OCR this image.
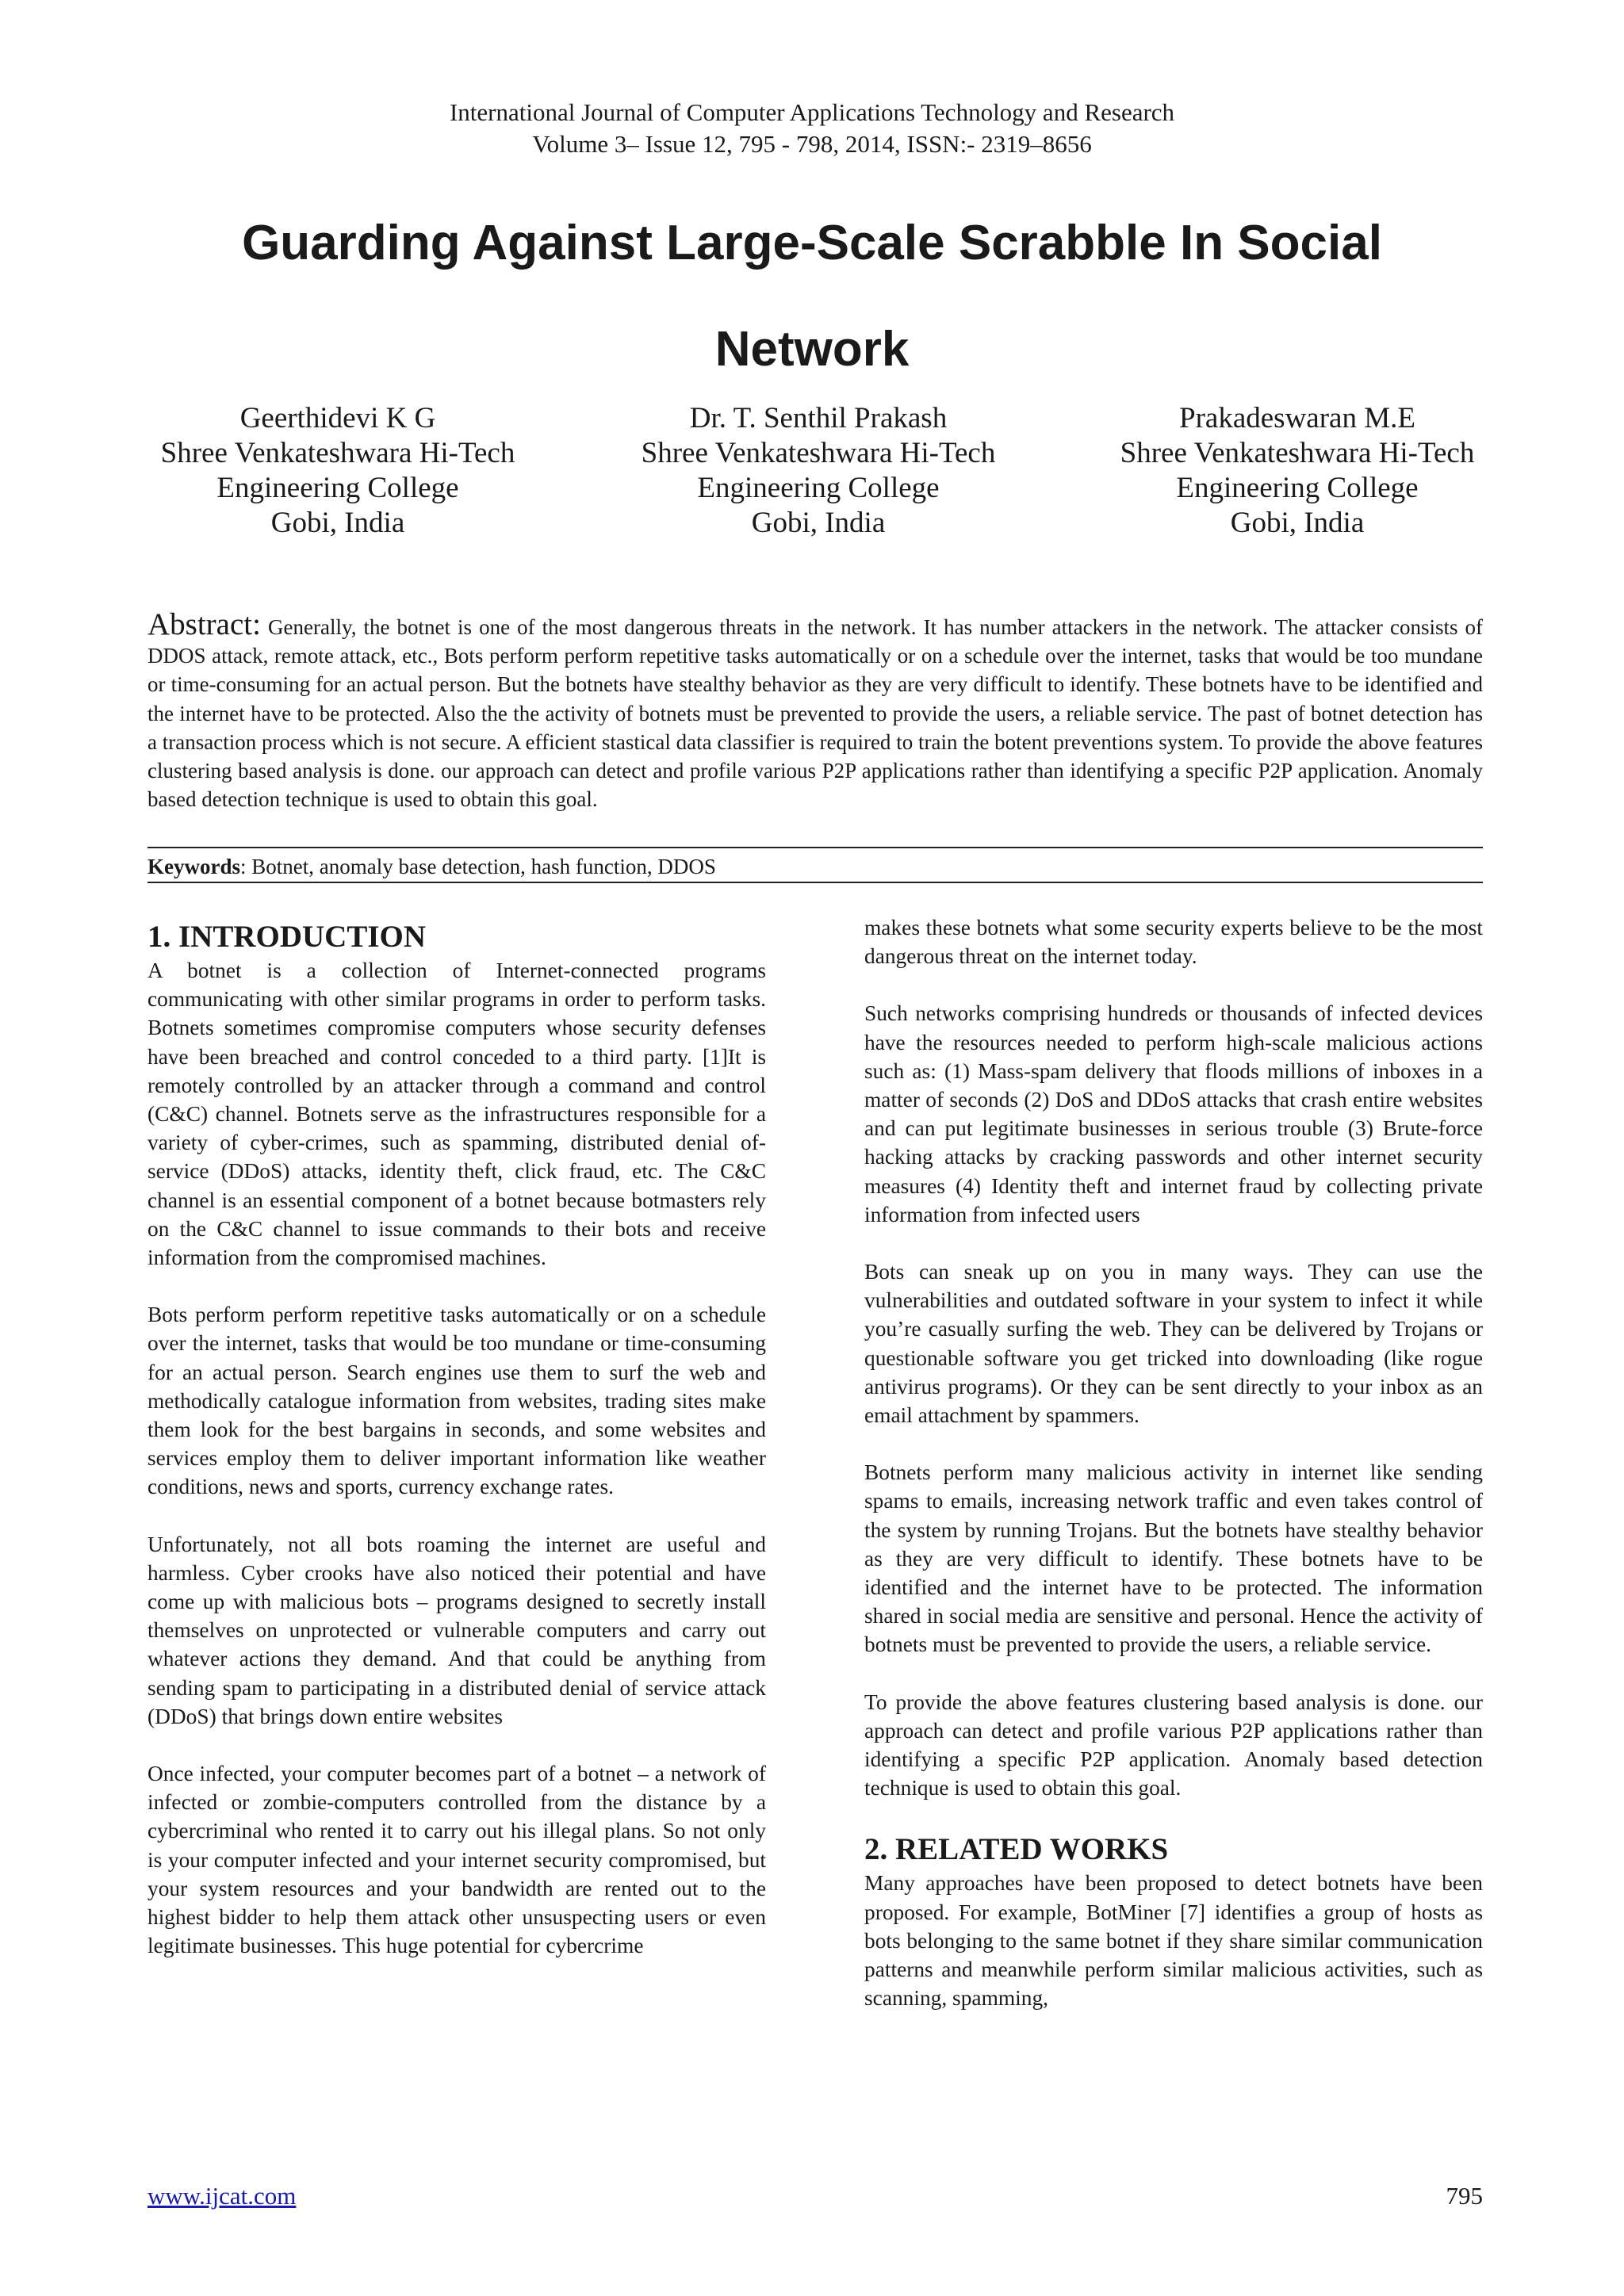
International Journal of Computer Applications Technology and Research
Volume 3– Issue 12, 795 - 798, 2014, ISSN:- 2319–8656
Guarding Against Large-Scale Scrabble In Social
Network
Geerthidevi K G
Shree Venkateshwara Hi-Tech
Engineering College
Gobi, India
Dr. T. Senthil Prakash
Shree Venkateshwara Hi-Tech
Engineering College
Gobi, India
Prakadeswaran M.E
Shree Venkateshwara Hi-Tech
Engineering College
Gobi, India
Abstract: Generally, the botnet is one of the most dangerous threats in the network. It has number attackers in the network. The attacker consists of DDOS attack, remote attack, etc., Bots perform perform repetitive tasks automatically or on a schedule over the internet, tasks that would be too mundane or time-consuming for an actual person. But the botnets have stealthy behavior as they are very difficult to identify. These botnets have to be identified and the internet have to be protected. Also the the activity of botnets must be prevented to provide the users, a reliable service. The past of botnet detection has a transaction process which is not secure. A efficient stastical data classifier is required to train the botent preventions system. To provide the above features clustering based analysis is done. our approach can detect and profile various P2P applications rather than identifying a specific P2P application. Anomaly based detection technique is used to obtain this goal.
Keywords: Botnet, anomaly base detection, hash function, DDOS
1. INTRODUCTION

A botnet is a collection of Internet-connected programs communicating with other similar programs in order to perform tasks. Botnets sometimes compromise computers whose security defenses have been breached and control conceded to a third party. [1]It is remotely controlled by an attacker through a command and control (C&C) channel. Botnets serve as the infrastructures responsible for a variety of cyber-crimes, such as spamming, distributed denial of-service (DDoS) attacks, identity theft, click fraud, etc. The C&C channel is an essential component of a botnet because botmasters rely on the C&C channel to issue commands to their bots and receive information from the compromised machines.

Bots perform perform repetitive tasks automatically or on a schedule over the internet, tasks that would be too mundane or time-consuming for an actual person. Search engines use them to surf the web and methodically catalogue information from websites, trading sites make them look for the best bargains in seconds, and some websites and services employ them to deliver important information like weather conditions, news and sports, currency exchange rates.

Unfortunately, not all bots roaming the internet are useful and harmless. Cyber crooks have also noticed their potential and have come up with malicious bots – programs designed to secretly install themselves on unprotected or vulnerable computers and carry out whatever actions they demand. And that could be anything from sending spam to participating in a distributed denial of service attack (DDoS) that brings down entire websites

Once infected, your computer becomes part of a botnet – a network of infected or zombie-computers controlled from the distance by a cybercriminal who rented it to carry out his illegal plans. So not only is your computer infected and your internet security compromised, but your system resources and your bandwidth are rented out to the highest bidder to help them attack other unsuspecting users or even legitimate businesses. This huge potential for cybercrime

makes these botnets what some security experts believe to be the most dangerous threat on the internet today.

Such networks comprising hundreds or thousands of infected devices have the resources needed to perform high-scale malicious actions such as: (1) Mass-spam delivery that floods millions of inboxes in a matter of seconds (2) DoS and DDoS attacks that crash entire websites and can put legitimate businesses in serious trouble (3) Brute-force hacking attacks by cracking passwords and other internet security measures (4) Identity theft and internet fraud by collecting private information from infected users

Bots can sneak up on you in many ways. They can use the vulnerabilities and outdated software in your system to infect it while you’re casually surfing the web. They can be delivered by Trojans or questionable software you get tricked into downloading (like rogue antivirus programs). Or they can be sent directly to your inbox as an email attachment by spammers.

Botnets perform many malicious activity in internet like sending spams to emails, increasing network traffic and even takes control of the system by running Trojans. But the botnets have stealthy behavior as they are very difficult to identify. These botnets have to be identified and the internet have to be protected. The information shared in social media are sensitive and personal. Hence the activity of botnets must be prevented to provide the users, a reliable service.

To provide the above features clustering based analysis is done. our approach can detect and profile various P2P applications rather than identifying a specific P2P application. Anomaly based detection technique is used to obtain this goal.

2. RELATED WORKS

Many approaches have been proposed to detect botnets have been proposed. For example, BotMiner [7] identifies a group of hosts as bots belonging to the same botnet if they share similar communication patterns and meanwhile perform similar malicious activities, such as scanning, spamming,

www.ijcat.com	795
